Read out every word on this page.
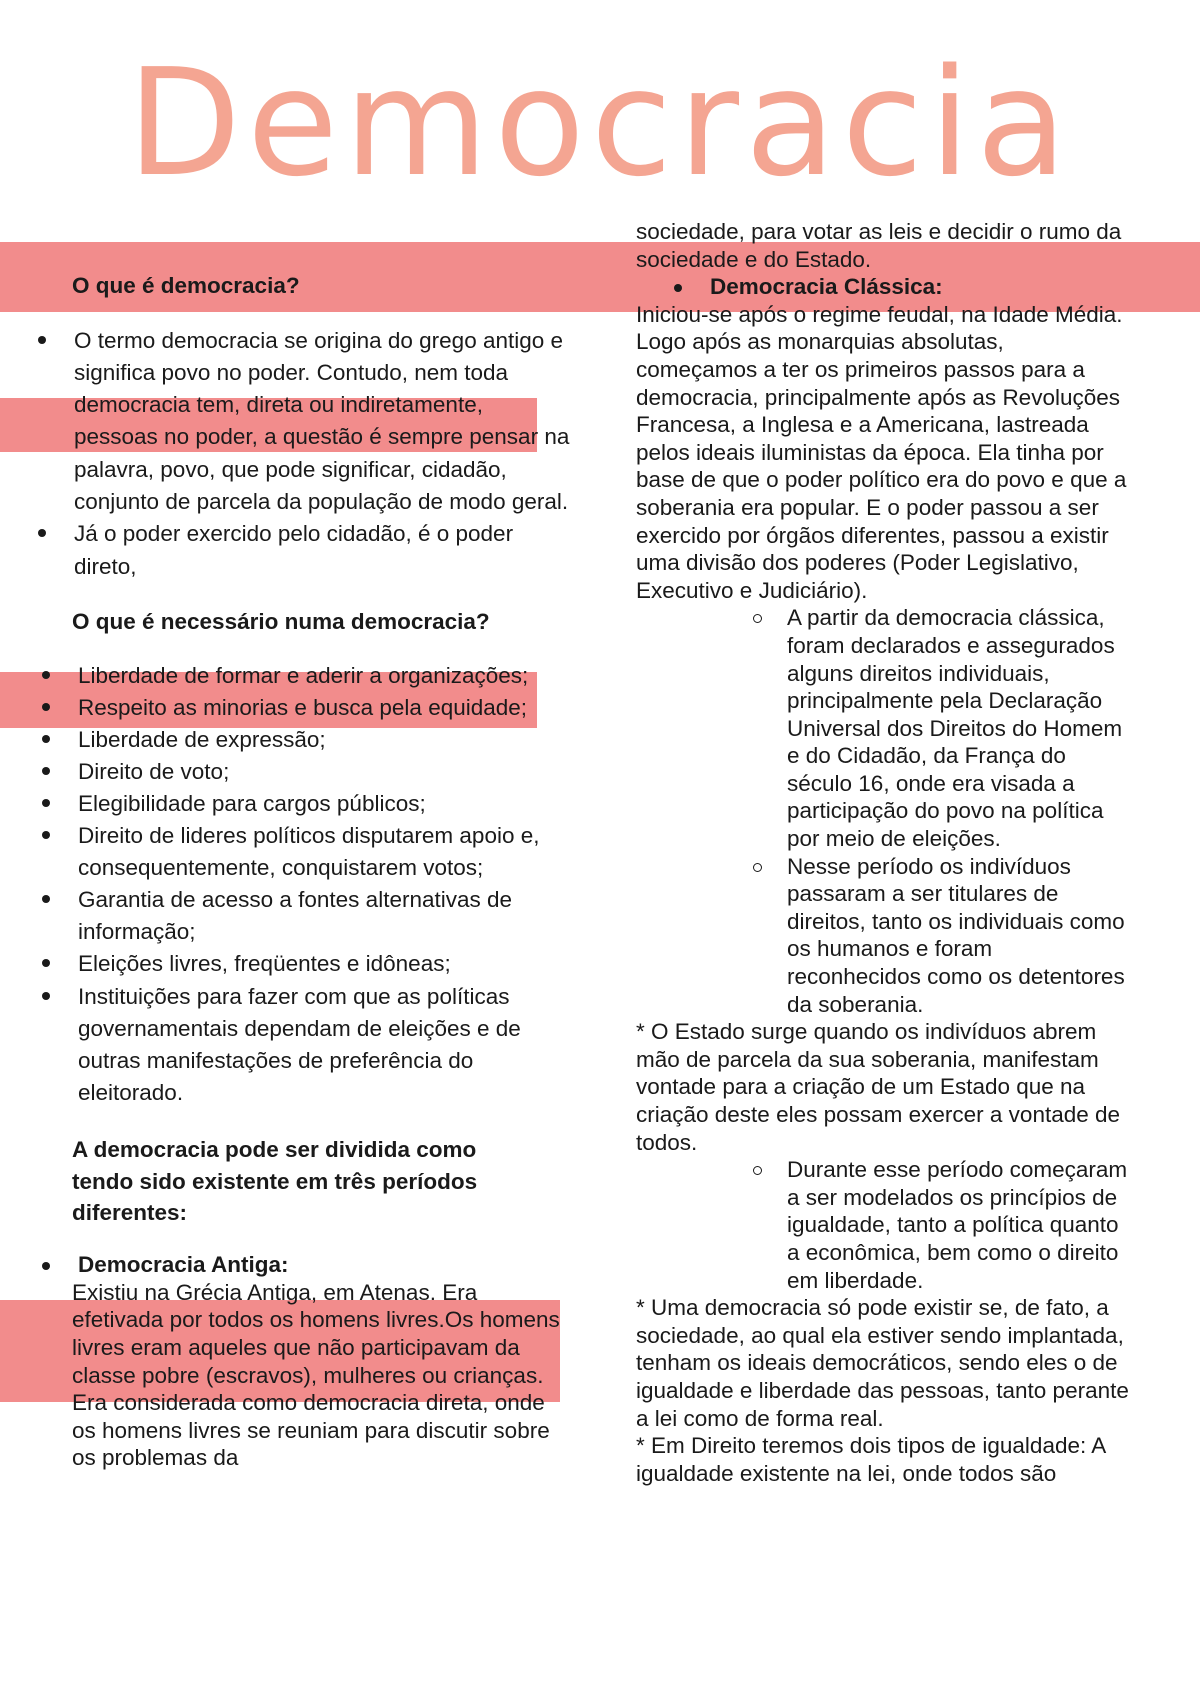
Democracia

O que é democracia?

O termo democracia se origina do grego antigo e significa povo no poder. Contudo, nem toda democracia tem, direta ou indiretamente, pessoas no poder, a questão é sempre pensar na palavra, povo, que pode significar, cidadão, conjunto de parcela da população de modo geral.
Já o poder exercido pelo cidadão, é o poder direto,

O que é necessário numa democracia?

Liberdade de formar e aderir a organizações;
Respeito as minorias e busca pela equidade;
Liberdade de expressão;
Direito de voto;
Elegibilidade para cargos públicos;
Direito de lideres políticos disputarem apoio e, consequentemente, conquistarem votos;
Garantia de acesso a fontes alternativas de informação;
Eleições livres, freqüentes e idôneas;
Instituições para fazer com que as políticas governamentais dependam de eleições e de outras manifestações de preferência do eleitorado.

A democracia pode ser dividida como tendo sido existente em três períodos diferentes:

Democracia Antiga:

Existiu na Grécia Antiga, em Atenas. Era efetivada por todos os homens livres.Os homens livres eram aqueles que não participavam da classe pobre (escravos), mulheres ou crianças. Era considerada como democracia direta, onde os homens livres se reuniam para discutir sobre os problemas da

sociedade, para votar as leis e decidir o rumo da sociedade e do Estado.

Democracia Clássica:

Iniciou-se após o regime feudal, na Idade Média. Logo após as monarquias absolutas, começamos a ter os primeiros passos para a democracia, principalmente após as Revoluções Francesa, a Inglesa e a Americana, lastreada pelos ideais iluministas da época. Ela tinha por base de que o poder político era do povo e que a soberania era popular. E o poder passou a ser exercido por órgãos diferentes, passou a existir uma divisão dos poderes (Poder Legislativo, Executivo e Judiciário).

A partir da democracia clássica, foram declarados e assegurados alguns direitos individuais, principalmente pela Declaração Universal dos Direitos do Homem e do Cidadão, da França do século 16, onde era visada a participação do povo na política por meio de eleições.
Nesse período os indivíduos passaram a ser titulares de direitos, tanto os individuais como os humanos e foram reconhecidos como os detentores da soberania.

* O Estado surge quando os indivíduos abrem mão de parcela da sua soberania, manifestam vontade para a criação de um Estado que na criação deste eles possam exercer a vontade de todos.

Durante esse período começaram a ser modelados os princípios de igualdade, tanto a política quanto a econômica, bem como o direito em liberdade.

* Uma democracia só pode existir se, de fato, a sociedade, ao qual ela estiver sendo implantada, tenham os ideais democráticos, sendo eles o de igualdade e liberdade das pessoas, tanto perante a lei como de forma real.

* Em Direito teremos dois tipos de igualdade: A igualdade existente na lei, onde todos são
